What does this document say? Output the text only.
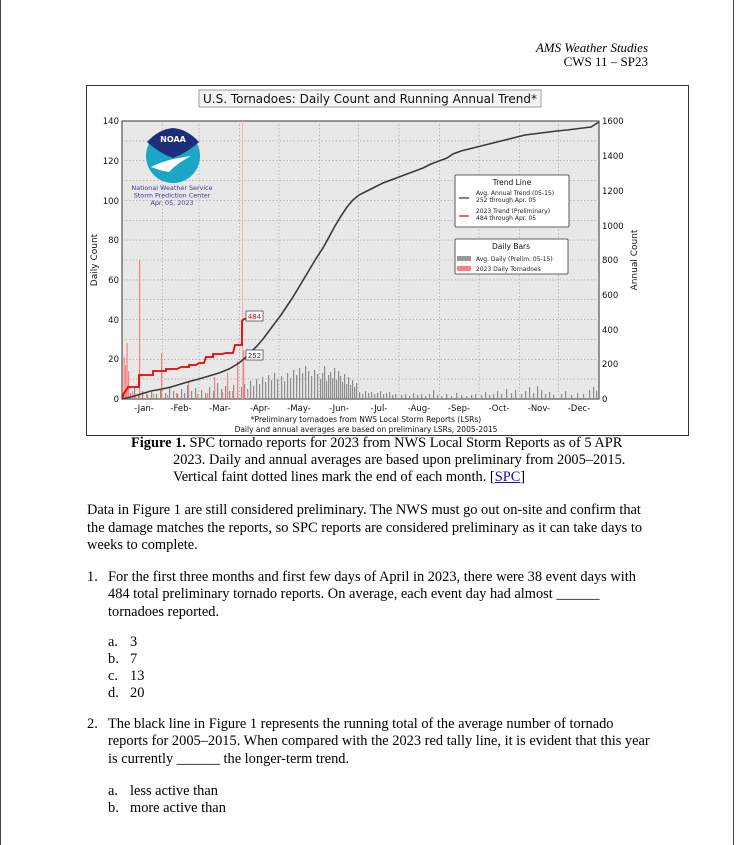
AMS Weather Studies
CWS 11 – SP23
484
252
NOAA
National Weather Service
Storm Prediction Center
Apr. 05, 2023
U.S. Tornadoes: Daily Count and Running Annual Trend*
Trend Line
Avg. Annual Trend (05-15)
252 through Apr. 05
2023 Trend (Preliminary)
484 through Apr. 05
Daily Bars
Avg. Daily (Prelim. 05-15)
2023 Daily Tornadoes
0
20
40
60
80
100
120
140
Daily Count
0
200
400
600
800
1000
1200
1400
1600
Annual Count
-Jan- -Feb- -Mar- -Apr- -May- -Jun-	-Jul- -Aug- -Sep- -Oct- -Nov- -Dec-
*Preliminary tornadoes from NWS Local Storm Reports (LSRs)
Daily and annual averages are based on preliminary LSRs, 2005-2015
Figure 1. SPC tornado reports for 2023 from NWS Local Storm Reports as of 5 APR
2023. Daily and annual averages are based upon preliminary from 2005–2015. Vertical faint dotted lines mark the end of each month. [SPC]
Data in Figure 1 are still considered preliminary. The NWS must go out on-site and confirm that the damage matches the reports, so SPC reports are considered preliminary as it can take days to weeks to complete.
1. For the first three months and first few days of April in 2023, there were 38 event days with 484 total preliminary tornado reports. On average, each event day had almost ______ tornadoes reported.
a. 3
b. 7
c. 13
d. 20
2. The black line in Figure 1 represents the running total of the average number of tornado reports for 2005–2015. When compared with the 2023 red tally line, it is evident that this year is currently ______ the longer-term trend.
a. less active than
b. more active than
